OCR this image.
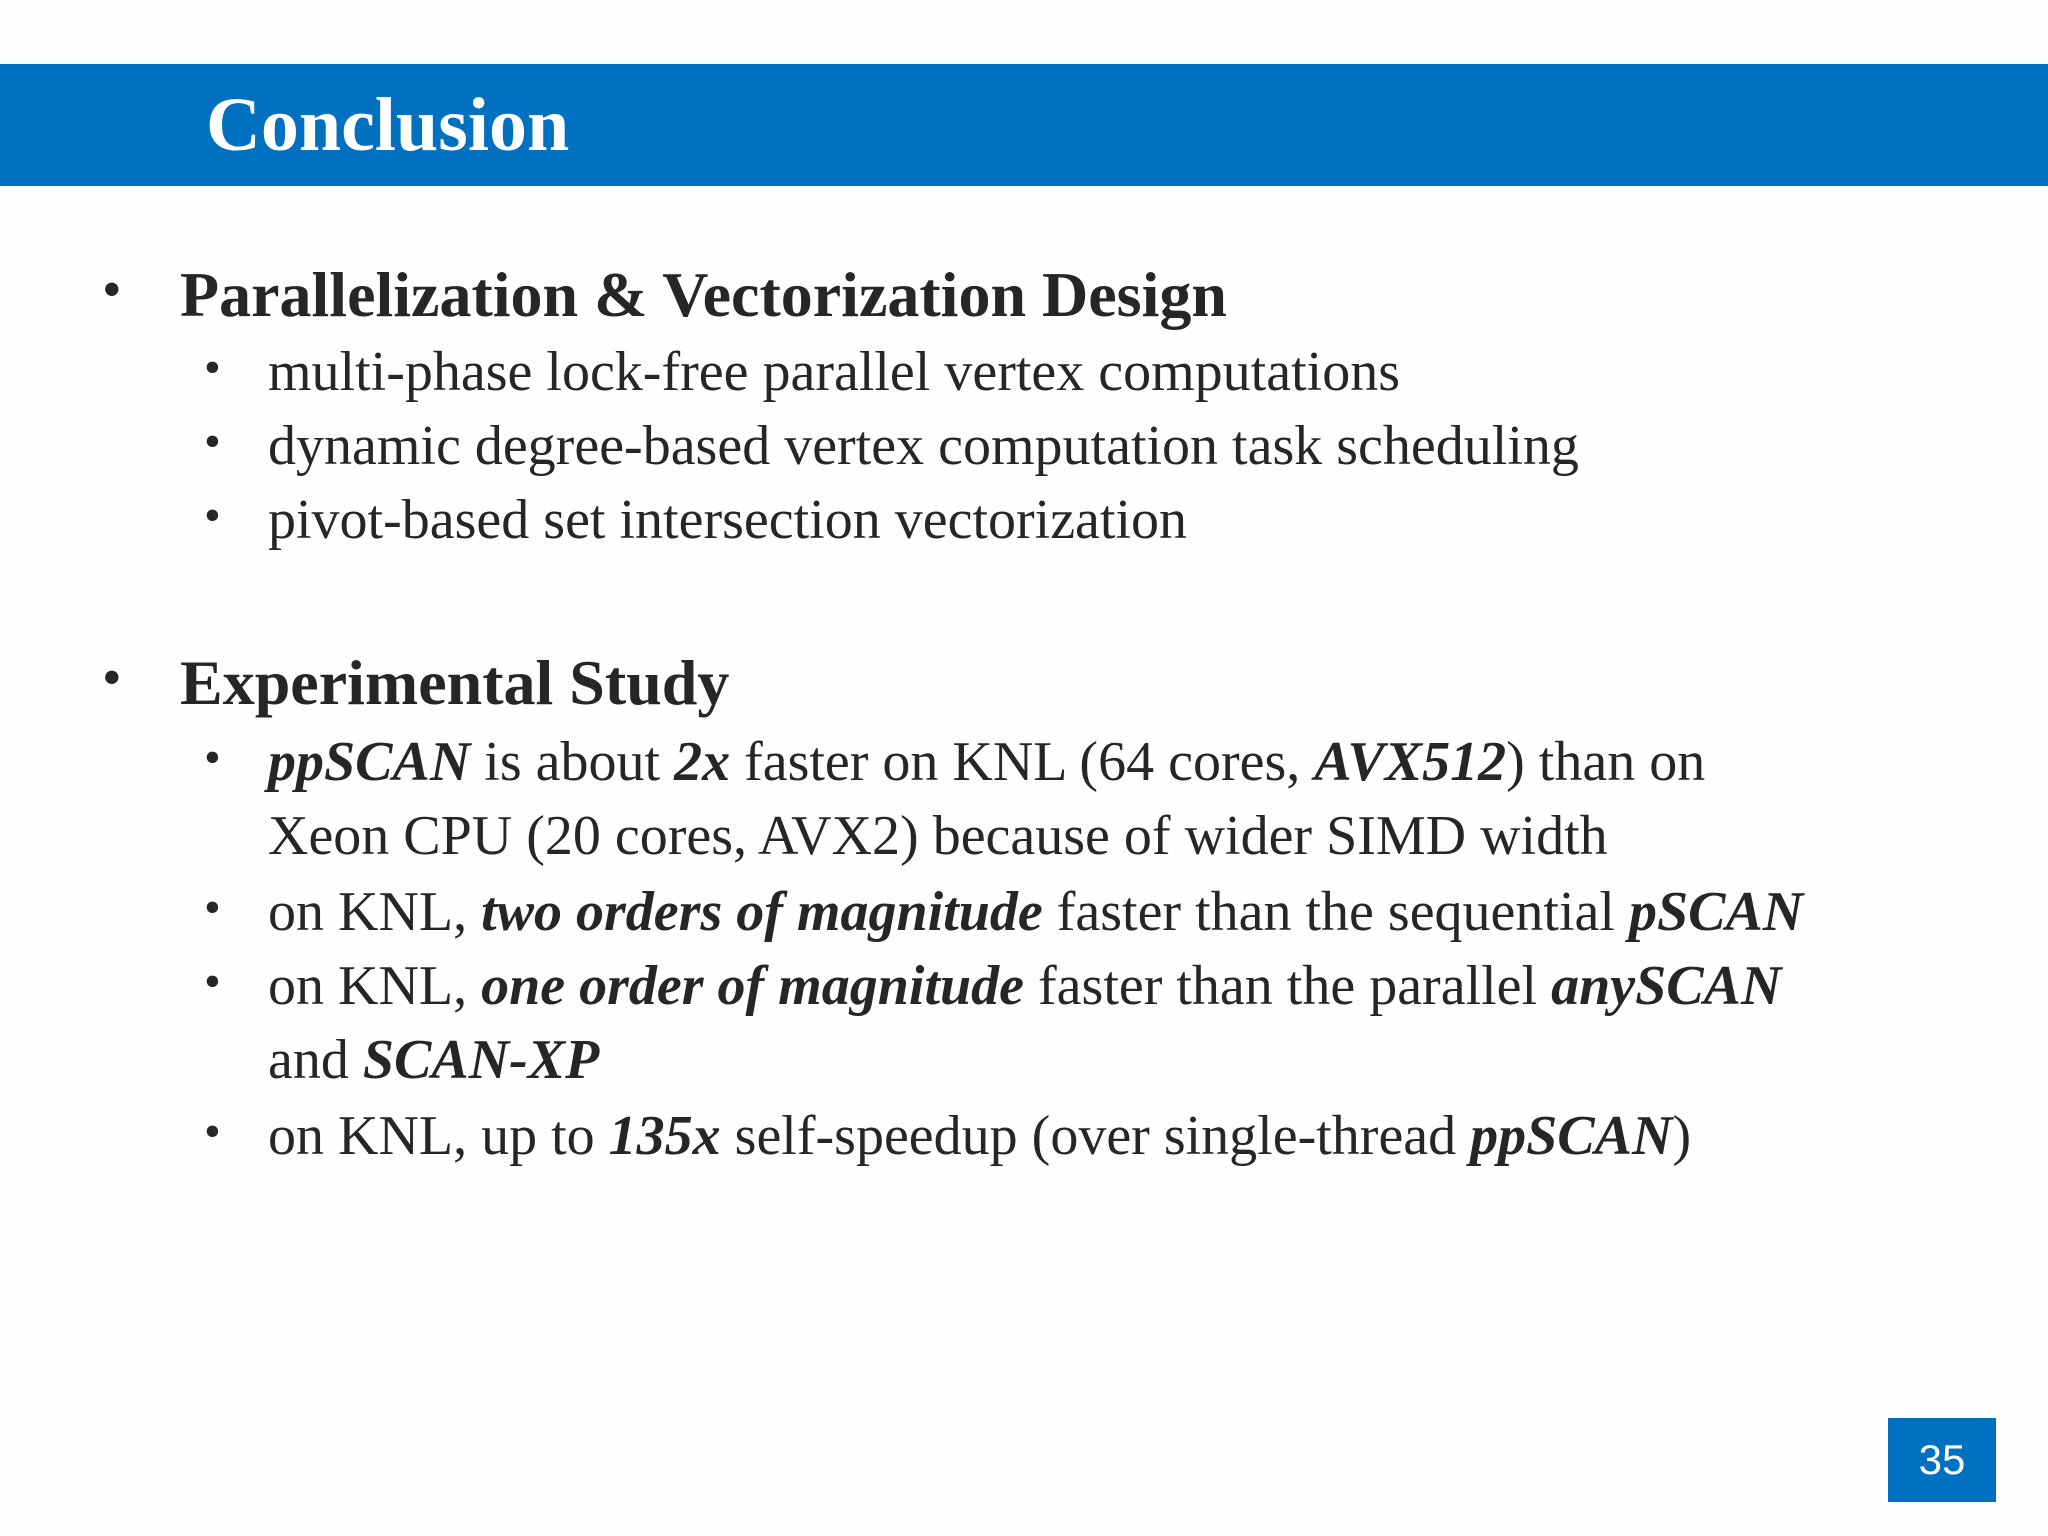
Conclusion
• Parallelization & Vectorization Design
• multi-phase lock-free parallel vertex computations
• dynamic degree-based vertex computation task scheduling
• pivot-based set intersection vectorization
• Experimental Study
• ppSCAN is about 2x faster on KNL (64 cores, AVX512) than on
Xeon CPU (20 cores, AVX2) because of wider SIMD width
• on KNL, two orders of magnitude faster than the sequential pSCAN
• on KNL, one order of magnitude faster than the parallel anySCAN
and SCAN-XP
• on KNL, up to 135x self-speedup (over single-thread ppSCAN)
35
